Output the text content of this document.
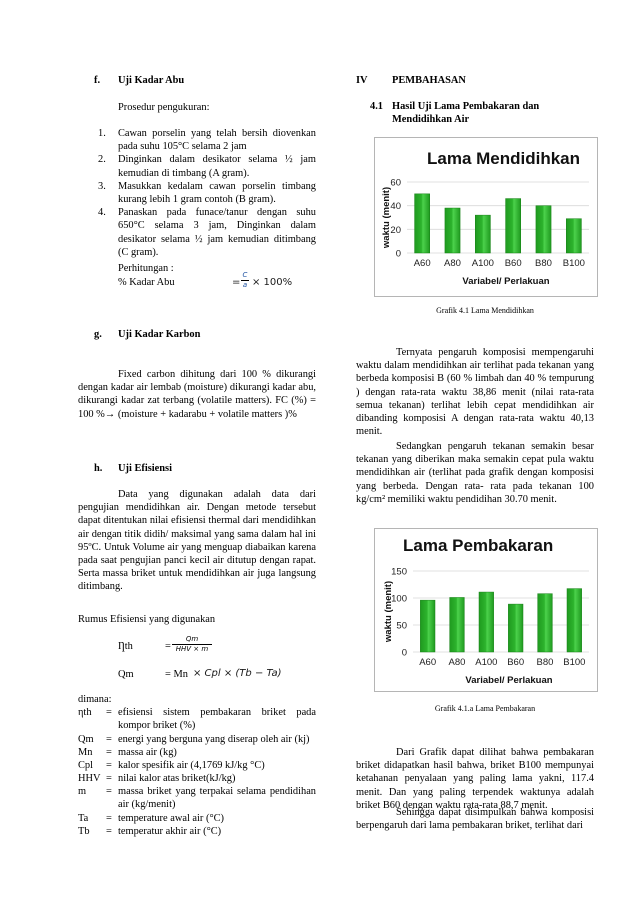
f. Uji Kadar Abu
Prosedur pengukuran:
1. Cawan porselin yang telah bersih diovenkan pada suhu 105°C selama 2 jam
2. Dinginkan dalam desikator selama ½ jam kemudian di timbang (A gram).
3. Masukkan kedalam cawan porselin timbang kurang lebih 1 gram contoh (B gram).
4. Panaskan pada funace/tanur dengan suhu 650°C selama 3 jam, Dinginkan dalam desikator selama ½ jam kemudian ditimbang (C gram).
Perhitungan :
% Kadar Abu	=
C
a × 100%
g. Uji Kadar Karbon
Fixed carbon dihitung dari 100 % dikurangi dengan kadar air lembab (moisture) dikurangi kadar abu, dikurangi kadar zat terbang (volatile matters). FC (%) = 100 %→ (moisture + kadarabu + volatile matters )%
h. Uji Efisiensi
Data yang digunakan adalah data dari pengujian mendidihkan air. Dengan metode tersebut dapat ditentukan nilai efisiensi thermal dari mendidihkan air dengan titik didih/ maksimal yang sama dalam hal ini 95ºC. Untuk Volume air yang menguap diabaikan karena pada saat pengujian panci kecil air ditutup dengan rapat. Serta massa briket untuk mendidihkan air juga langsung ditimbang.
Rumus Efisiensi yang digunakan
Ƞth	=
Qm
HHV × m
Qm	= Mn × Cpl × (Tb − Ta)
dimana:
ηth = efisiensi sistem pembakaran briket pada kompor briket (%)
Qm = energi yang berguna yang diserap oleh air (kj)
Mn = massa air (kg)
Cpl = kalor spesifik air (4,1769 kJ/kg °C)
HHV = nilai kalor atas briket(kJ/kg)
m = massa briket yang terpakai selama pendidihan air (kg/menit)
Ta = temperature awal air (°C)
Tb = temperatur akhir air (°C)
IV PEMBAHASAN
4.1 Hasil Uji Lama Pembakaran dan
Mendidihkan Air
Lama Mendidihkan
0
20
40
60
A60 A80 A100 B60 B80 B100
Variabel/ Perlakuan
waktu (menit)
Grafik 4.1 Lama Mendidihkan
Ternyata pengaruh komposisi mempengaruhi waktu dalam mendidihkan air terlihat pada tekanan yang berbeda komposisi B (60 % limbah dan 40 % tempurung ) dengan rata-rata waktu 38,86 menit (nilai rata-rata semua tekanan) terlihat lebih cepat mendidihkan air dibanding komposisi A dengan rata-rata waktu 40,13 menit.
Sedangkan pengaruh tekanan semakin besar tekanan yang diberikan maka semakin cepat pula waktu mendidihkan air (terlihat pada grafik dengan komposisi yang berbeda. Dengan rata- rata pada tekanan 100 kg/cm² memiliki waktu pendidihan 30.70 menit.
Lama Pembakaran
0
50
100
150
A60 A80 A100 B60 B80 B100
Variabel/ Perlakuan
waktu (menit)
Grafik 4.1.a Lama Pembakaran
Dari Grafik dapat dilihat bahwa pembakaran briket didapatkan hasil bahwa, briket B100 mempunyai ketahanan penyalaan yang paling lama yakni, 117.4 menit. Dan yang paling terpendek waktunya adalah briket B60 dengan waktu rata-rata 88,7 menit.
Sehingga dapat disimpulkan bahwa komposisi berpengaruh dari lama pembakaran briket, terlihat dari
